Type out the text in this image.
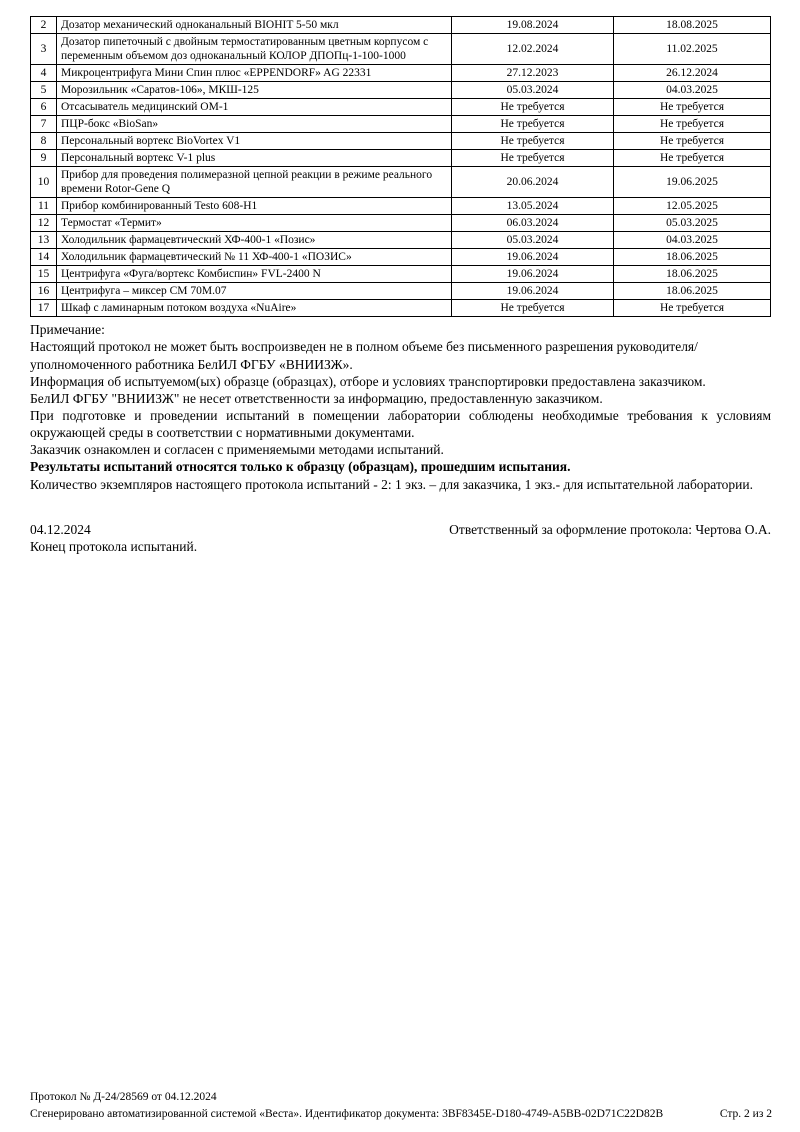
2	Дозатор механический одноканальный BIOHIT 5-50 мкл	19.08.2024	18.08.2025
3	Дозатор пипеточный с двойным термостатированным цветным корпусом с переменным объемом доз одноканальный КОЛОР ДПОПц-1-100-1000	12.02.2024	11.02.2025
4	Микроцентрифуга Мини Спин плюс «EPPENDORF» AG 22331	27.12.2023	26.12.2024
5	Морозильник «Саратов-106», МКШ-125	05.03.2024	04.03.2025
6	Отсасыватель медицинский ОМ-1	Не требуется	Не требуется
7	ПЦР-бокс «BioSan»	Не требуется	Не требуется
8	Персональный вортекс BioVortex V1	Не требуется	Не требуется
9	Персональный вортекс V-1 plus	Не требуется	Не требуется
10	Прибор для проведения полимеразной цепной реакции в режиме реального времени Rotor-Gene Q	20.06.2024	19.06.2025
11	Прибор комбинированный Testo 608-H1	13.05.2024	12.05.2025
12	Термостат «Термит»	06.03.2024	05.03.2025
13	Холодильник фармацевтический ХФ-400-1 «Позис»	05.03.2024	04.03.2025
14	Холодильник фармацевтический № 11 ХФ-400-1 «ПОЗИС»	19.06.2024	18.06.2025
15	Центрифуга «Фуга/вортекс Комбиспин» FVL-2400 N	19.06.2024	18.06.2025
16	Центрифуга – миксер СМ 70М.07	19.06.2024	18.06.2025
17	Шкаф с ламинарным потоком воздуха «NuAire»	Не требуется	Не требуется
Примечание:
Настоящий протокол не может быть воспроизведен не в полном объеме без письменного разрешения руководителя/уполномоченного работника БелИЛ ФГБУ «ВНИИЗЖ».
Информация об испытуемом(ых) образце (образцах), отборе и условиях транспортировки предоставлена заказчиком.
БелИЛ ФГБУ "ВНИИЗЖ" не несет ответственности за информацию, предоставленную заказчиком.
При подготовке и проведении испытаний в помещении лаборатории соблюдены необходимые требования к условиям окружающей среды в соответствии с нормативными документами.
Заказчик ознакомлен и согласен с применяемыми методами испытаний.
Результаты испытаний относятся только к образцу (образцам), прошедшим испытания.
Количество экземпляров настоящего протокола испытаний - 2: 1 экз. – для заказчика, 1 экз.- для испытательной лаборатории.
04.12.2024	Ответственный за оформление протокола: Чертова О.А.
Конец протокола испытаний.
Протокол № Д-24/28569 от 04.12.2024
Сгенерировано автоматизированной системой «Веста». Идентификатор документа: 3BF8345E-D180-4749-A5BB-02D71C22D82B	Стр. 2 из 2
